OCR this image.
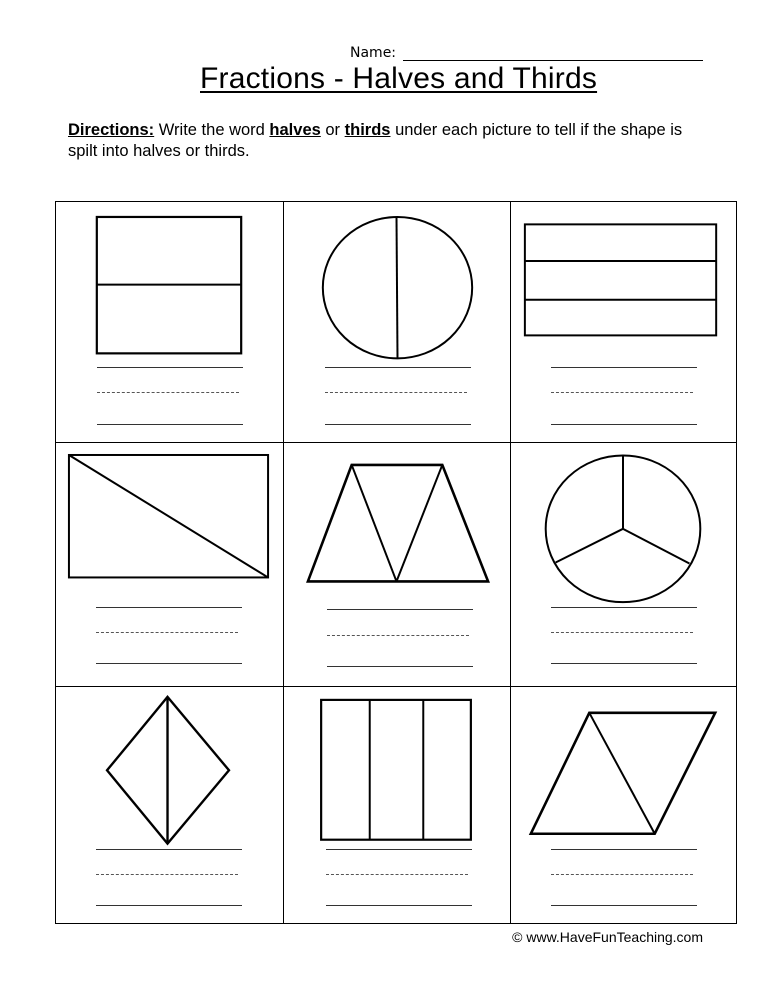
Name:
Fractions - Halves and Thirds
Directions: Write the word halves or thirds under each picture to tell if the shape is spilt into halves or thirds.
© www.HaveFunTeaching.com
